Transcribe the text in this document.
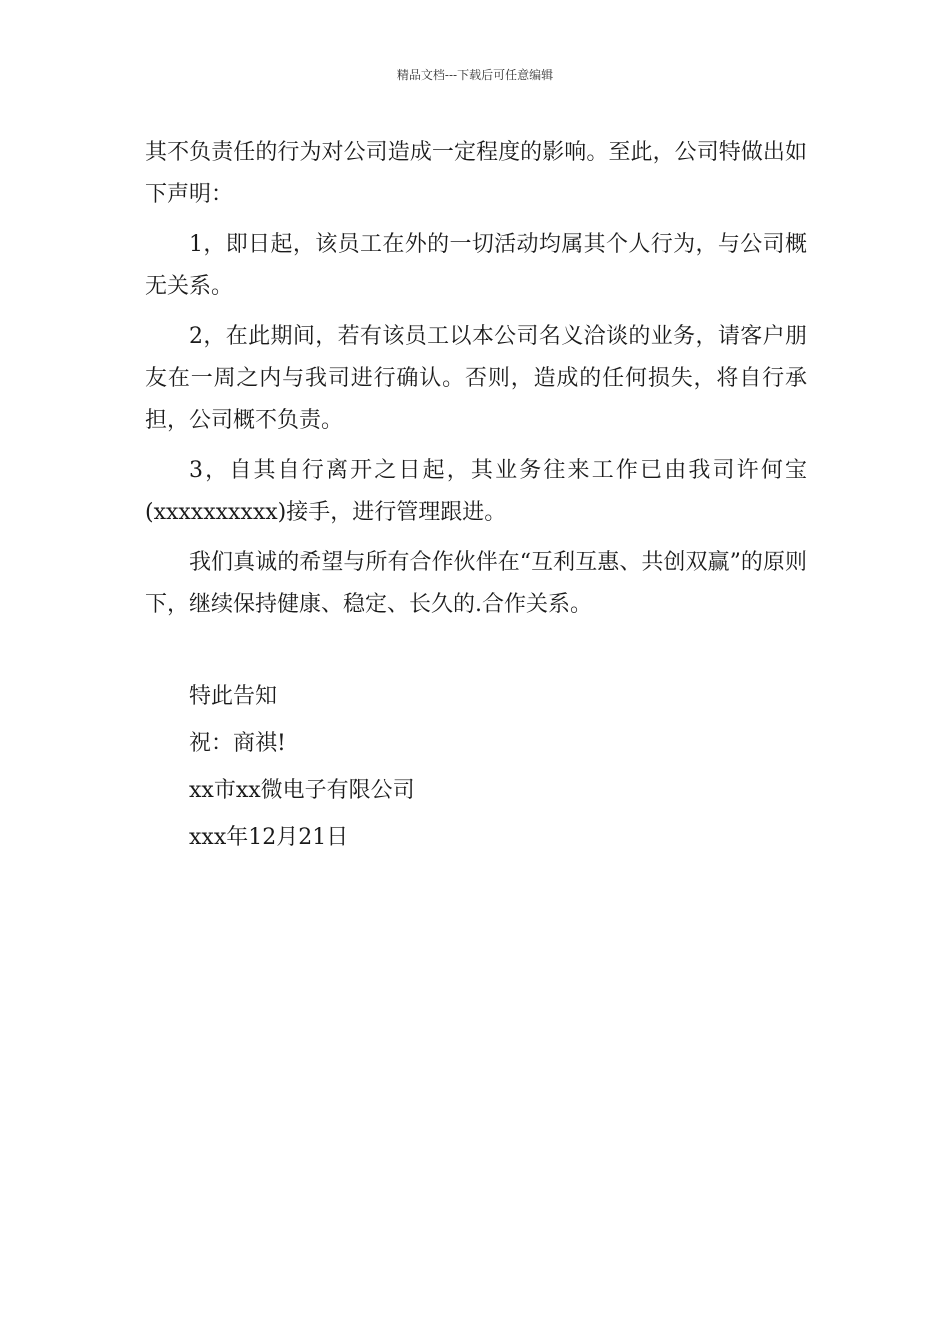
精品文档---下载后可任意编辑

其不负责任的行为对公司造成一定程度的影响。至此，公司特做出如下声明：

1，即日起，该员工在外的一切活动均属其个人行为，与公司概无关系。

2，在此期间，若有该员工以本公司名义洽谈的业务，请客户朋友在一周之内与我司进行确认。否则，造成的任何损失，将自行承担，公司概不负责。

3，自其自行离开之日起，其业务往来工作已由我司许何宝(xxxxxxxxxx)接手，进行管理跟进。

我们真诚的希望与所有合作伙伴在“互利互惠、共创双赢”的原则下，继续保持健康、稳定、长久的.合作关系。

特此告知
祝：商祺!
xx市xx微电子有限公司
xxx年12月21日
